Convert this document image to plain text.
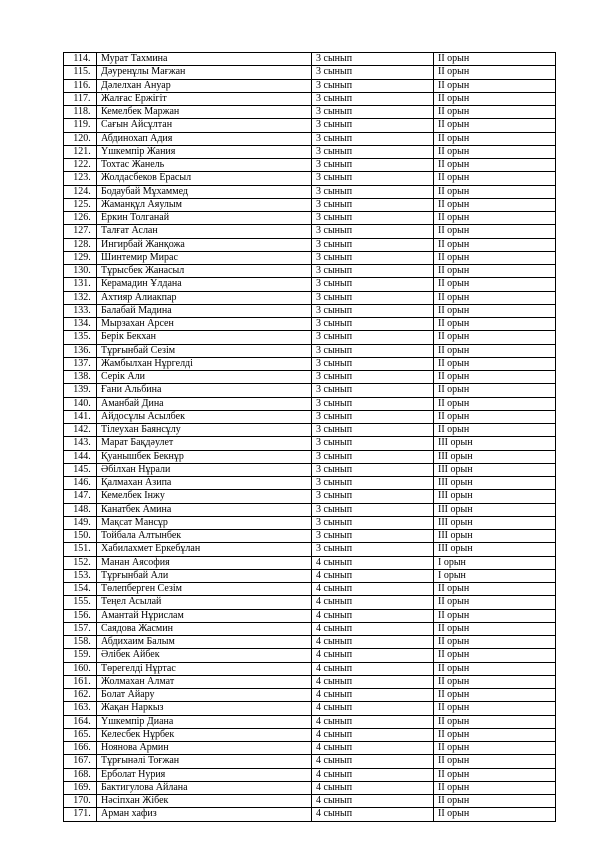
114.	Мурат Тахмина	3 сынып	II орын
115.	Дәуренұлы Мағжан	3 сынып	II орын
116.	Дәлелхан Ануар	3 сынып	II орын
117.	Жалғас Ержігіт	3 сынып	II орын
118.	Кемелбек Маржан	3 сынып	II орын
119.	Сағын Айсұлтан	3 сынып	II орын
120.	Абдинохап Адия	3 сынып	II орын
121.	Үшкемпір Жания	3 сынып	II орын
122.	Тохтас Жанель	3 сынып	II орын
123.	Жолдасбеков Ерасыл	3 сынып	II орын
124.	Бодаубай Мұхаммед	3 сынып	II орын
125.	Жаманқұл Аяулым	3 сынып	II орын
126.	Еркин Толганай	3 сынып	II орын
127.	Талғат Аслан	3 сынып	II орын
128.	Ингирбай Жанқожа	3 сынып	II орын
129.	Шинтемир Мирас	3 сынып	II орын
130.	Тұрысбек Жанасыл	3 сынып	II орын
131.	Керамадин Ұлдана	3 сынып	II орын
132.	Ахтияр Алиакпар	3 сынып	II орын
133.	Балабай Мадина	3 сынып	II орын
134.	Мырзахан Арсен	3 сынып	II орын
135.	Берік Бекхан	3 сынып	II орын
136.	Тұрғынбай Сезім	3 сынып	II орын
137.	Жамбылхан Нұргелді	3 сынып	II орын
138.	Серік Али	3 сынып	II орын
139.	Ғани Альбина	3 сынып	II орын
140.	Аманбай Дина	3 сынып	II орын
141.	Айдосұлы Асылбек	3 сынып	II орын
142.	Тілеухан Баянсұлу	3 сынып	II орын
143.	Марат Бақдәулет	3 сынып	III орын
144.	Қуанышбек Бекнұр	3 сынып	III орын
145.	Әбілхан Нұрали	3 сынып	III орын
146.	Қалмахан Азипа	3 сынып	III орын
147.	Кемелбек Інжу	3 сынып	III орын
148.	Канатбек Амина	3 сынып	III орын
149.	Мақсат Мансұр	3 сынып	III орын
150.	Тойбала Алтынбек	3 сынып	III орын
151.	Хабилахмет Еркебұлан	3 сынып	III орын
152.	Манан Аясофия	4 сынып	I орын
153.	Тұрғынбай Али	4 сынып	I орын
154.	Төлепберген Сезім	4 сынып	II орын
155.	Теңел Асылай	4 сынып	II орын
156.	Амантай Нұрислам	4 сынып	II орын
157.	Саядова Жасмин	4 сынып	II орын
158.	Абдихаим Балым	4 сынып	II орын
159.	Әлібек Айбек	4 сынып	II орын
160.	Төрегелді Нұртас	4 сынып	II орын
161.	Жолмахан Алмат	4 сынып	II орын
162.	Болат Айару	4 сынып	II орын
163.	Жақан Наркыз	4 сынып	II орын
164.	Үшкемпір Диана	4 сынып	II орын
165.	Келесбек Нұрбек	4 сынып	II орын
166.	Ноянова Армин	4 сынып	II орын
167.	Тұрғынәлі Тоғжан	4 сынып	II орын
168.	Ерболат Нурия	4 сынып	II орын
169.	Бактигулова Айлана	4 сынып	II орын
170.	Нәсіпхан Жібек	4 сынып	II орын
171.	Арман хафиз	4 сынып	II орын
